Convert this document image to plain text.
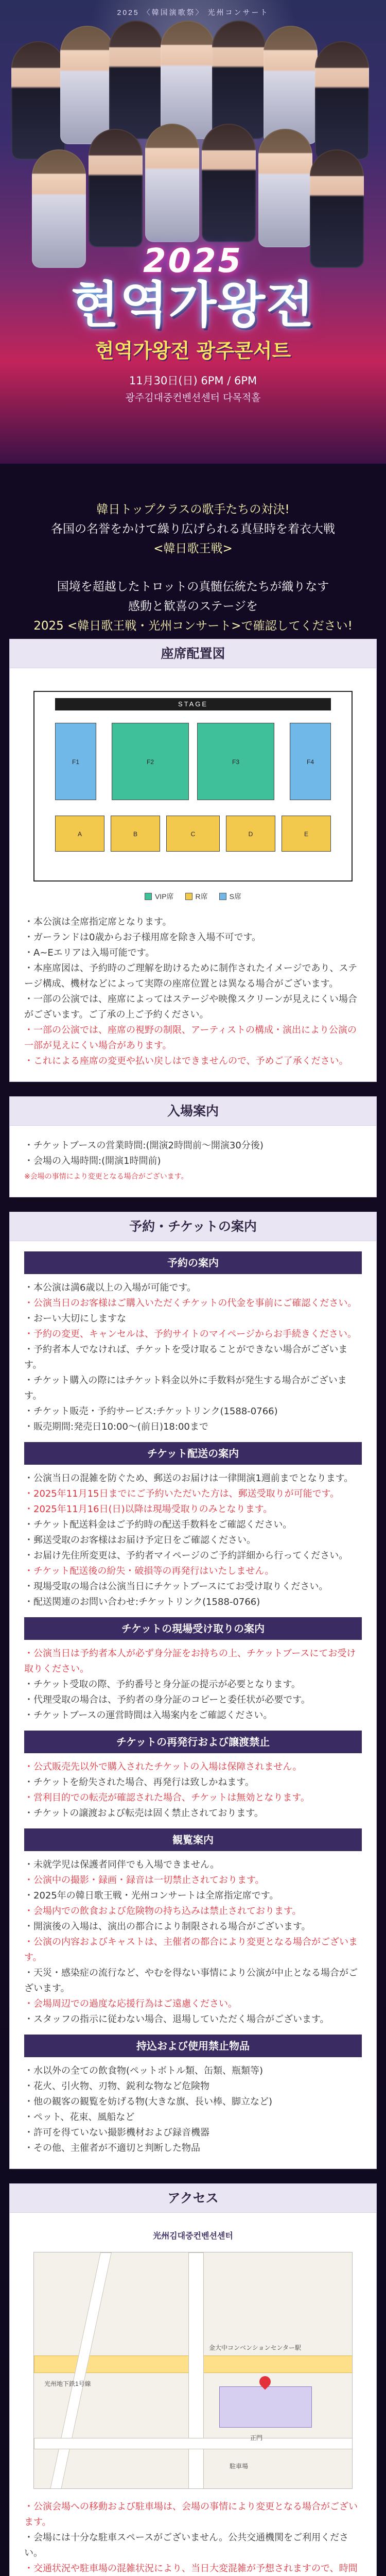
2025 〈韓国演歌祭〉 光州コンサート
2025
현역가왕전
현역가왕전 광주콘서트
11月30日(日) 6PM / 6PM
광주김대중컨벤션센터 다목적홀

韓日トップクラスの歌手たちの対決!

各国の名誉をかけて繰り広げられる真昼時を着衣大戦

<韓日歌王戦>

国境を超越したトロットの真髄伝統たちが織りなす

感動と歓喜のステージを

2025 <韓日歌王戦・光州コンサート>で確認してください!

座席配置図
STAGE
F1	F2	F3	F4
A	B	C	D	E
VIP席	R席	S席
・本公演は全席指定席となります。
・ガーランドは0歳からお子様用席を除き入場不可です。
・A~Eエリアは入場可能です。
・本座席図は、予約時のご理解を助けるために制作されたイメージであり、ステージ構成、機材などによって実際の座席位置とは異なる場合がございます。
・一部の公演では、座席によってはステージや映像スクリーンが見えにくい場合がございます。ご了承の上ご予約ください。
・一部の公演では、座席の視野の制限、アーティストの構成・演出により公演の一部が見えにくい場合があります。
・これによる座席の変更や払い戻しはできませんので、予めご了承ください。
入場案内
・チケットブースの営業時間:(開演2時間前〜開演30分後)
・会場の入場時間:(開演1時間前)
※会場の事情により変更となる場合がございます。
予約・チケットの案内
予約の案内
・本公演は満6歳以上の入場が可能です。
・公演当日のお客様はご購入いただくチケットの代金を事前にご確認ください。
・おーい大切にしますな
・予約の変更、キャンセルは、予約サイトのマイページからお手続きください。
・予約者本人でなければ、チケットを受け取ることができない場合がございます。
・チケット購入の際にはチケット料金以外に手数料が発生する場合がございます。
・チケット販売・予約サービス:チケットリンク(1588-0766)
・販売期間:発売日10:00〜(前日)18:00まで
チケット配送の案内
・公演当日の混雑を防ぐため、郵送のお届けは一律開演1週前までとなります。
・2025年11月15日までにご予約いただいた方は、郵送受取りが可能です。
・2025年11月16日(日)以降は現場受取りのみとなります。
・チケット配送料金はご予約時の配送手数料をご確認ください。
・郵送受取のお客様はお届け予定日をご確認ください。
・お届け先住所変更は、予約者マイページのご予約詳細から行ってください。
・チケット配送後の紛失・破損等の再発行はいたしません。
・現場受取の場合は公演当日にチケットブースにてお受け取りください。
・配送関連のお問い合わせ:チケットリンク(1588-0766)
チケットの現場受け取りの案内
・公演当日は予約者本人が必ず身分証をお持ちの上、チケットブースにてお受け取りください。
・チケット受取の際、予約番号と身分証の提示が必要となります。
・代理受取の場合は、予約者の身分証のコピーと委任状が必要です。
・チケットブースの運営時間は入場案内をご確認ください。
チケットの再発行および譲渡禁止
・公式販売先以外で購入されたチケットの入場は保障されません。
・チケットを紛失された場合、再発行は致しかねます。
・営利目的での転売が確認された場合、チケットは無効となります。
・チケットの譲渡および転売は固く禁止されております。
観覧案内
・未就学児は保護者同伴でも入場できません。
・公演中の撮影・録画・録音は一切禁止されております。
・2025年の韓日歌王戦・光州コンサートは全席指定席です。
・会場内での飲食および危険物の持ち込みは禁止されております。
・開演後の入場は、演出の都合により制限される場合がございます。
・公演の内容およびキャストは、主催者の都合により変更となる場合がございます。
・天災・感染症の流行など、やむを得ない事情により公演が中止となる場合がございます。
・会場周辺での過度な応援行為はご遠慮ください。
・スタッフの指示に従わない場合、退場していただく場合がございます。
持込および使用禁止物品
・水以外の全ての飲食物(ペットボトル類、缶類、瓶類等)
・花火、引火物、刃物、鋭利な物など危険物
・他の観客の観覧を妨げる物(大きな旗、長い棒、脚立など)
・ペット、花束、風船など
・許可を得ていない撮影機材および録音機器
・その他、主催者が不適切と判断した物品
アクセス
光州김대중컨벤션센터
金大中コンベンションセンター駅
光州地下鉄1号線
正門
駐車場
・公演会場への移動および駐車場は、会場の事情により変更となる場合がございます。
・会場には十分な駐車スペースがございません。公共交通機関をご利用ください。
・交通状況や駐車場の混雑状況により、当日大変混雑が予想されますので、時間
